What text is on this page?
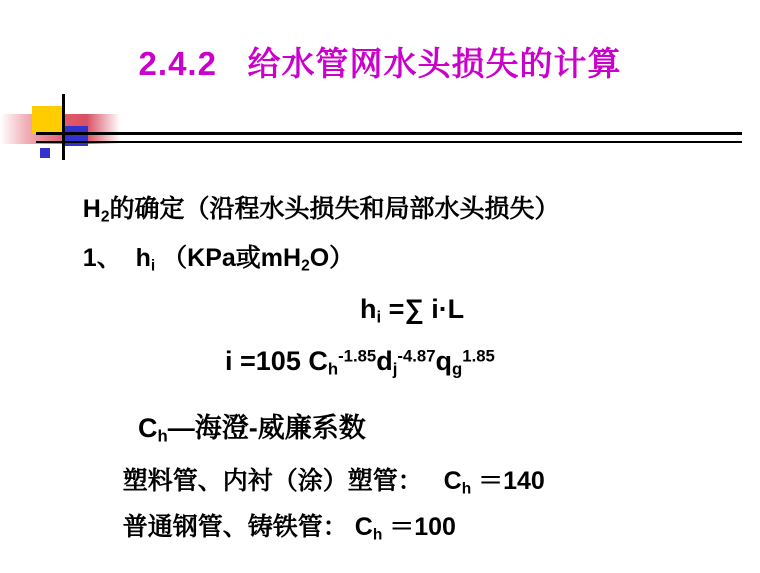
2.4.2   给水管网水头损失的计算

$H_2$的确定（沿程水头损失和局部水头损失）

1、  $h_i$ （KPa或$mH_2O$）

$h_i$ =∑ i·L

i =105 $C_h^{-1.85}d_j^{-4.87}q_g^{1.85}$

$C_h—$海澄-威廉系数

塑料管、内衬（涂）塑管：   $C_h =140$

普通钢管、铸铁管： $C_h =100$
